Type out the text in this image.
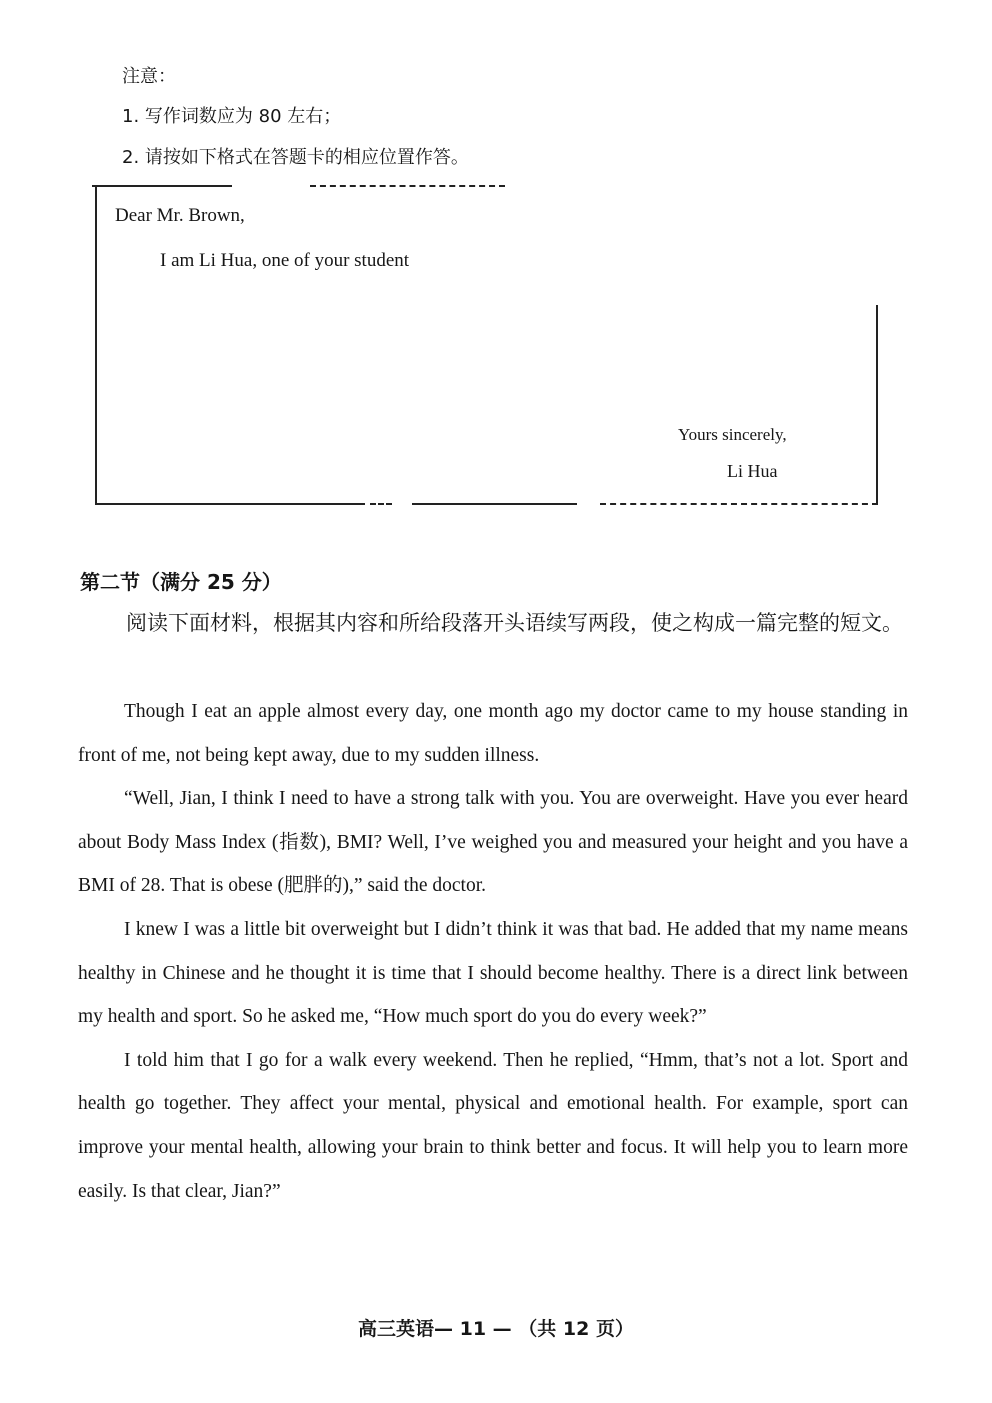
注意：
1. 写作词数应为 80 左右；
2. 请按如下格式在答题卡的相应位置作答。
Dear Mr. Brown,
I am Li Hua, one of your student
Yours sincerely,
Li Hua
第二节（满分 25 分）
阅读下面材料，根据其内容和所给段落开头语续写两段，使之构成一篇完整的短文。

Though I eat an apple almost every day, one month ago my doctor came to my house standing in front of me, not being kept away, due to my sudden illness.

“Well, Jian, I think I need to have a strong talk with you. You are overweight. Have you ever heard about Body Mass Index (指数), BMI? Well, I’ve weighed you and measured your height and you have a BMI of 28. That is obese (肥胖的),” said the doctor.

I knew I was a little bit overweight but I didn’t think it was that bad. He added that my name means healthy in Chinese and he thought it is time that I should become healthy. There is a direct link between my health and sport. So he asked me, “How much sport do you do every week?”

I told him that I go for a walk every weekend. Then he replied, “Hmm, that’s not a lot. Sport and health go together. They affect your mental, physical and emotional health. For example, sport can improve your mental health, allowing your brain to think better and focus. It will help you to learn more easily. Is that clear, Jian?”

高三英语— 11 — （共 12 页）
